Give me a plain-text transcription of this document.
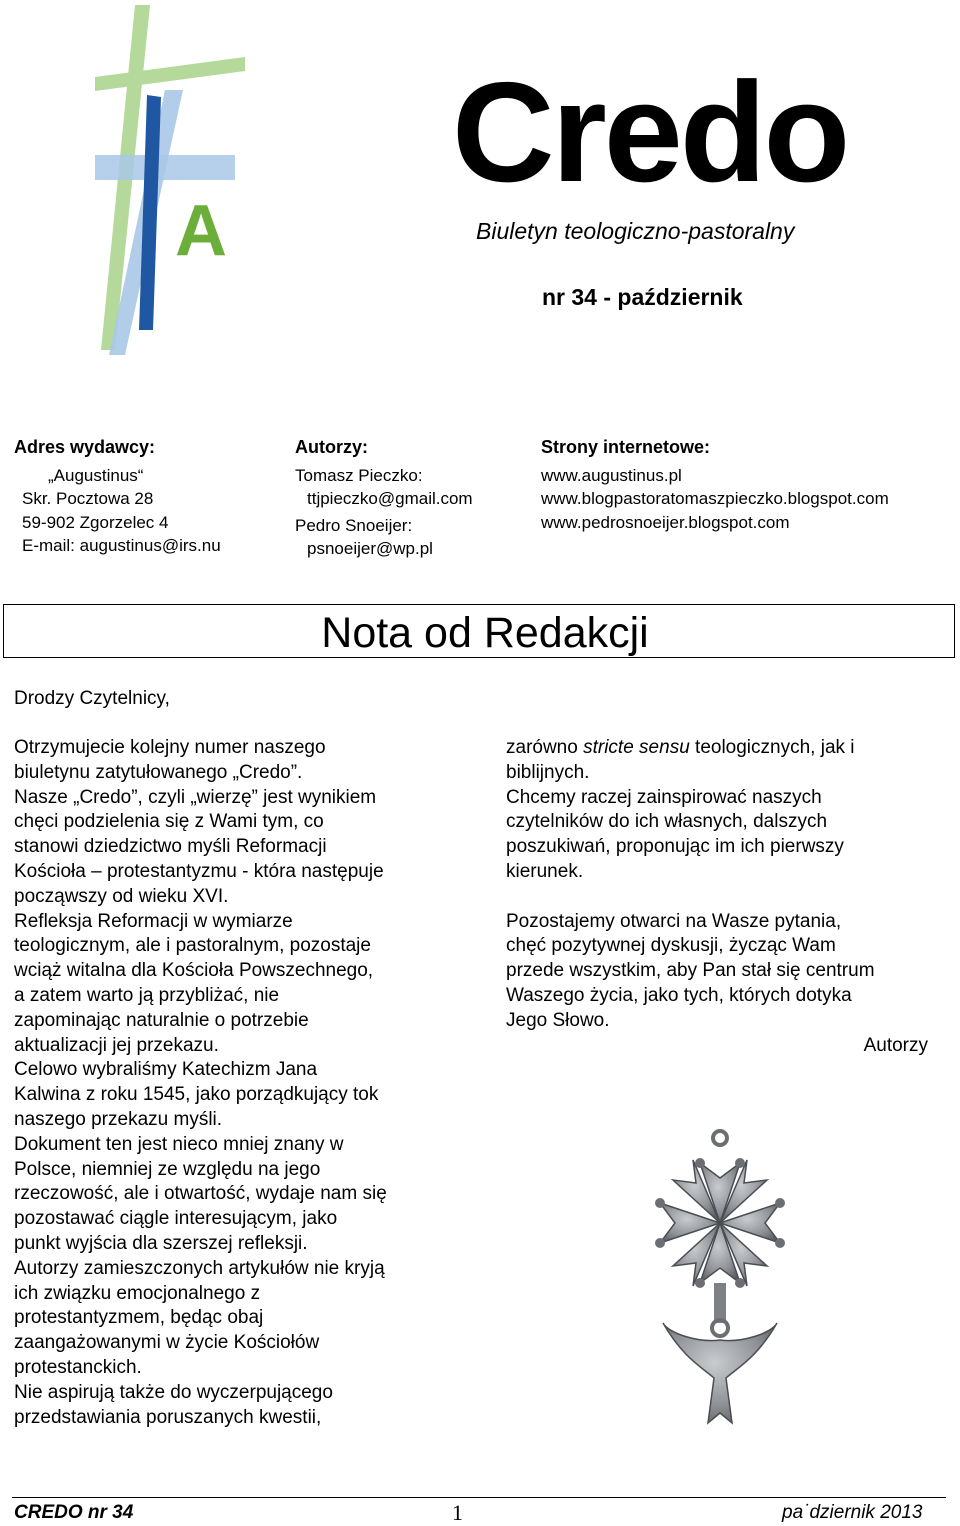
A
Credo
Biuletyn teologiczno-pastoralny
nr 34 - październik
Adres wydawcy:
„Augustinus“
Skr. Pocztowa 28
59-902 Zgorzelec 4
E-mail: augustinus@irs.nu
Autorzy:
Tomasz Pieczko:
ttjpieczko@gmail.com
Pedro Snoeijer:
psnoeijer@wp.pl
Strony internetowe:
www.augustinus.pl
www.blogpastoratomaszpieczko.blogspot.com
www.pedrosnoeijer.blogspot.com
Nota od Redakcji
Drodzy Czytelnicy,

Otrzymujecie kolejny numer naszego

biuletynu zatytułowanego „Credo”.

Nasze „Credo”, czyli „wierzę” jest wynikiem

chęci podzielenia się z Wami tym, co

stanowi dziedzictwo myśli Reformacji

Kościoła – protestantyzmu - która następuje

począwszy od wieku XVI.

Refleksja Reformacji w wymiarze

teologicznym, ale i pastoralnym, pozostaje

wciąż witalna dla Kościoła Powszechnego,

a zatem warto ją przybliżać, nie

zapominając naturalnie o potrzebie

aktualizacji jej przekazu.

Celowo wybraliśmy Katechizm Jana

Kalwina z roku 1545, jako porządkujący tok

naszego przekazu myśli.

Dokument ten jest nieco mniej znany w

Polsce, niemniej ze względu na jego

rzeczowość, ale i otwartość, wydaje nam się

pozostawać ciągle interesującym, jako

punkt wyjścia dla szerszej refleksji.

Autorzy zamieszczonych artykułów nie kryją

ich związku emocjonalnego z

protestantyzmem, będąc obaj

zaangażowanymi w życie Kościołów

protestanckich.

Nie aspirują także do wyczerpującego

przedstawiania poruszanych kwestii,

zarówno stricte sensu teologicznych, jak i

biblijnych.

Chcemy raczej zainspirować naszych

czytelników do ich własnych, dalszych

poszukiwań, proponując im ich pierwszy

kierunek.

Pozostajemy otwarci na Wasze pytania,

chęć pozytywnej dyskusji, życząc Wam

przede wszystkim, aby Pan stał się centrum

Waszego życia, jako tych, których dotyka

Jego Słowo.

Autorzy

CREDO nr 34	1	pa˙dziernik 2013
